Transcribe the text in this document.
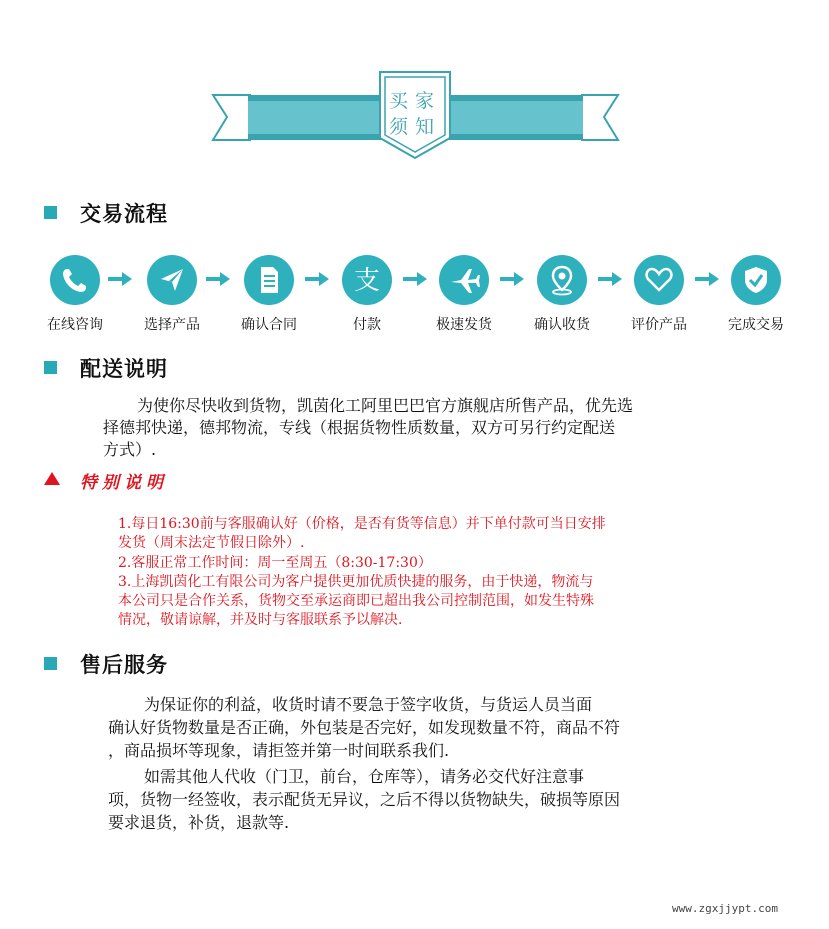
买家
须知
交易流程
支
在线咨询	选择产品	确认合同	付款	极速发货	确认收货	评价产品	完成交易
配送说明
为使你尽快收到货物，凯茵化工阿里巴巴官方旗舰店所售产品，优先选
择德邦快递，德邦物流，专线（根据货物性质数量，双方可另行约定配送
方式）.
特别说明
1.每日16:30前与客服确认好（价格，是否有货等信息）并下单付款可当日安排
发货（周末法定节假日除外）.
2.客服正常工作时间：周一至周五（8:30-17:30）
3.上海凯茵化工有限公司为客户提供更加优质快捷的服务，由于快递，物流与
本公司只是合作关系，货物交至承运商即已超出我公司控制范围，如发生特殊
情况，敬请谅解，并及时与客服联系予以解决.
售后服务
为保证你的利益，收货时请不要急于签字收货，与货运人员当面
确认好货物数量是否正确，外包装是否完好，如发现数量不符，商品不符
，商品损坏等现象，请拒签并第一时间联系我们.
如需其他人代收（门卫，前台，仓库等），请务必交代好注意事
项，货物一经签收，表示配货无异议，之后不得以货物缺失，破损等原因
要求退货，补货，退款等.
www.zgxjjypt.com
